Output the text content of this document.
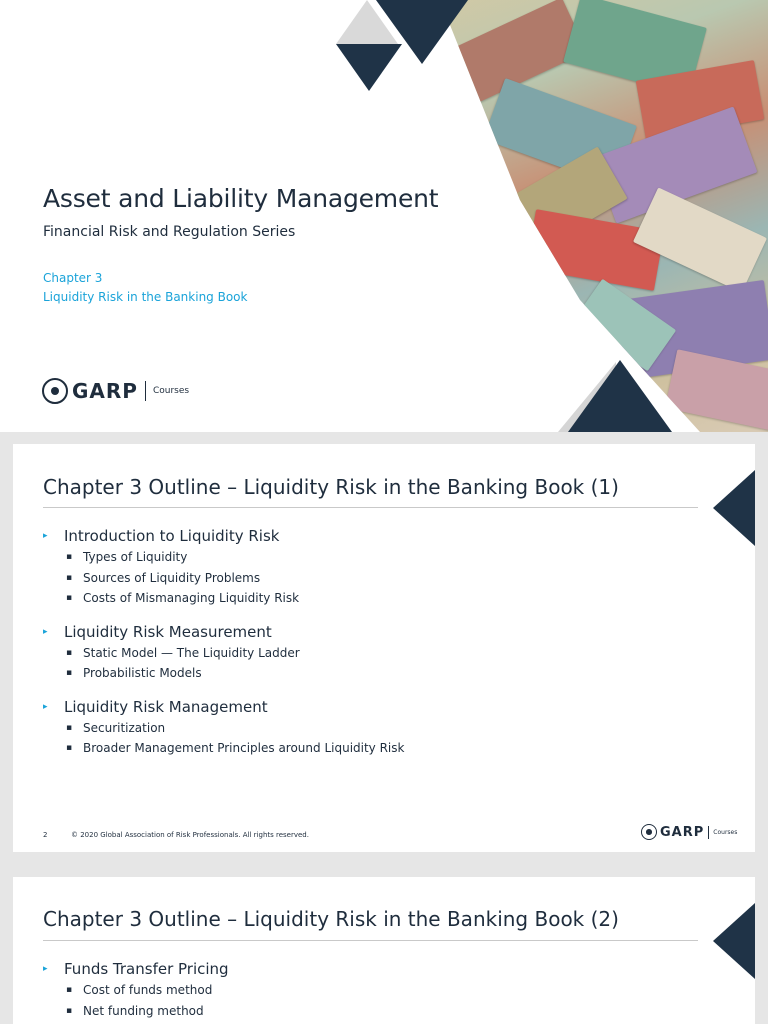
Asset and Liability Management
Financial Risk and Regulation Series
Chapter 3
Liquidity Risk in the Banking Book
GARP Courses
Chapter 3 Outline – Liquidity Risk in the Banking Book (1)
▸	Introduction to Liquidity Risk
▪ Types of Liquidity
▪ Sources of Liquidity Problems
▪ Costs of Mismanaging Liquidity Risk
▸	Liquidity Risk Measurement
▪ Static Model — The Liquidity Ladder
▪ Probabilistic Models
▸	Liquidity Risk Management
▪ Securitization
▪ Broader Management Principles around Liquidity Risk
2	© 2020 Global Association of Risk Professionals. All rights reserved.	GARP Courses
Chapter 3 Outline – Liquidity Risk in the Banking Book (2)
▸	Funds Transfer Pricing
▪ Cost of funds method
▪ Net funding method
